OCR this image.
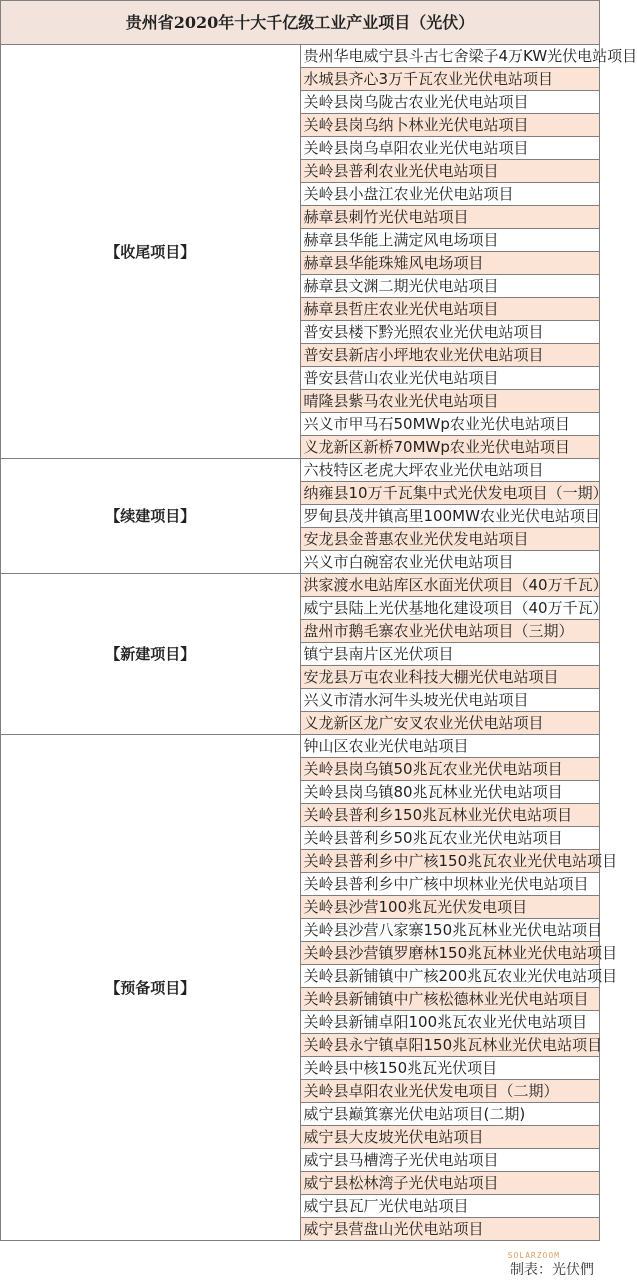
贵州省2020年十大千亿级工业产业项目（光伏）	
【收尾项目】	贵州华电威宁县斗古七舍梁子4万KW光伏电站项目
	水城县齐心3万千瓦农业光伏电站项目
	关岭县岗乌陇古农业光伏电站项目
	关岭县岗乌纳卜林业光伏电站项目
	关岭县岗乌卓阳农业光伏电站项目
	关岭县普利农业光伏电站项目
	关岭县小盘江农业光伏电站项目
	赫章县刺竹光伏电站项目
	赫章县华能上满定风电场项目
	赫章县华能珠雉风电场项目
	赫章县文渊二期光伏电站项目
	赫章县哲庄农业光伏电站项目
	普安县楼下黔光照农业光伏电站项目
	普安县新店小坪地农业光伏电站项目
	普安县营山农业光伏电站项目
	晴隆县紫马农业光伏电站项目
	兴义市甲马石50MWp农业光伏电站项目
	义龙新区新桥70MWp农业光伏电站项目
【续建项目】	六枝特区老虎大坪农业光伏电站项目
	纳雍县10万千瓦集中式光伏发电项目（一期）
	罗甸县茂井镇高里100MW农业光伏电站项目
	安龙县金普惠农业光伏发电站项目
	兴义市白碗窑农业光伏电站项目
【新建项目】	洪家渡水电站库区水面光伏项目（40万千瓦）
	威宁县陆上光伏基地化建设项目（40万千瓦）
	盘州市鹅毛寨农业光伏电站项目（三期）
	镇宁县南片区光伏项目
	安龙县万屯农业科技大棚光伏电站项目
	兴义市清水河牛头坡光伏电站项目
	义龙新区龙广安叉农业光伏电站项目
【预备项目】	钟山区农业光伏电站项目
	关岭县岗乌镇50兆瓦农业光伏电站项目
	关岭县岗乌镇80兆瓦林业光伏电站项目
	关岭县普利乡150兆瓦林业光伏电站项目
	关岭县普利乡50兆瓦农业光伏电站项目
	关岭县普利乡中广核150兆瓦农业光伏电站项目
	关岭县普利乡中广核中坝林业光伏电站项目
	关岭县沙营100兆瓦光伏发电项目
	关岭县沙营八家寨150兆瓦林业光伏电站项目
	关岭县沙营镇罗磨林150兆瓦林业光伏电站项目
	关岭县新铺镇中广核200兆瓦农业光伏电站项目
	关岭县新铺镇中广核松德林业光伏电站项目
	关岭县新铺卓阳100兆瓦农业光伏电站项目
	关岭县永宁镇卓阳150兆瓦林业光伏电站项目
	关岭县中核150兆瓦光伏项目
	关岭县卓阳农业光伏发电项目（二期）
	威宁县巅箕寨光伏电站项目(二期)
	威宁县大皮坡光伏电站项目
	威宁县马槽湾子光伏电站项目
	威宁县松林湾子光伏电站项目
	威宁县瓦厂光伏电站项目
	威宁县营盘山光伏电站项目
SOLARZOOM
制表：光伏們
